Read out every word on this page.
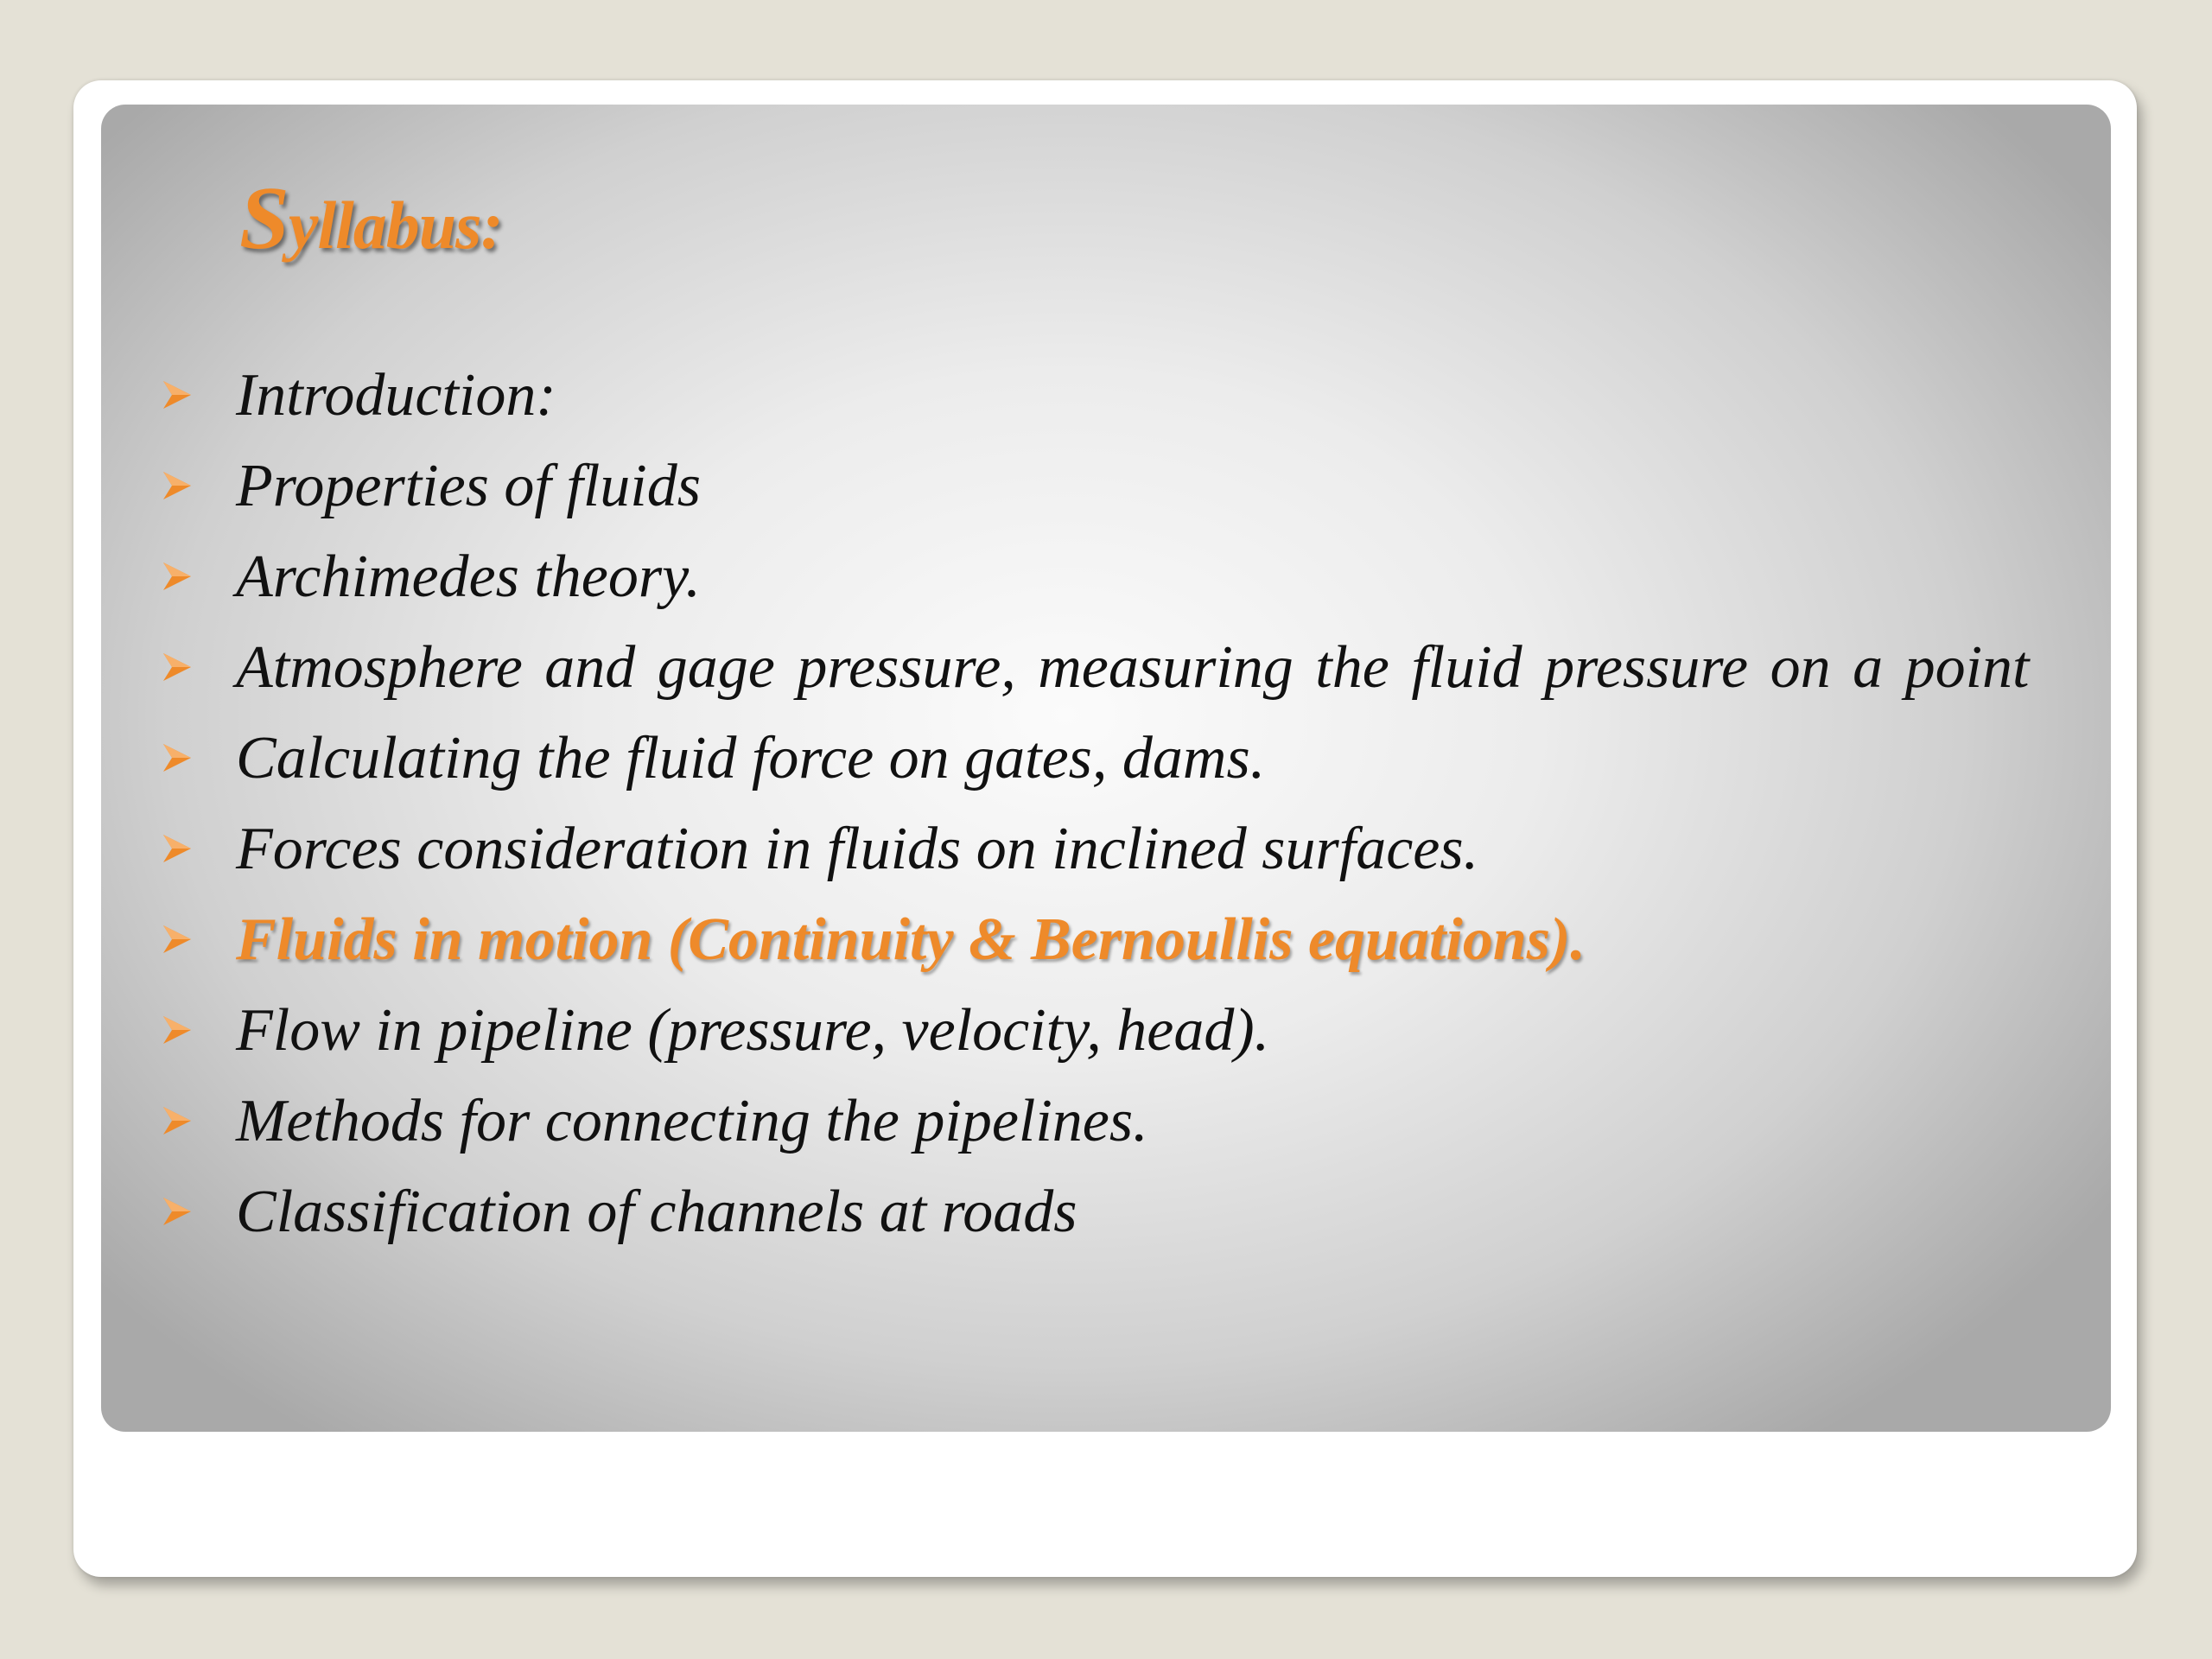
Syllabus:
Introduction:
Properties of fluids
Archimedes theory.
Atmosphere and gage pressure, measuring the fluid pressure on a point
Calculating the fluid force on gates, dams.
Forces consideration in fluids on inclined surfaces.
Fluids in motion (Continuity & Bernoullis equations).
Flow in pipeline (pressure, velocity, head).
Methods for connecting the pipelines.
Classification of channels at roads
